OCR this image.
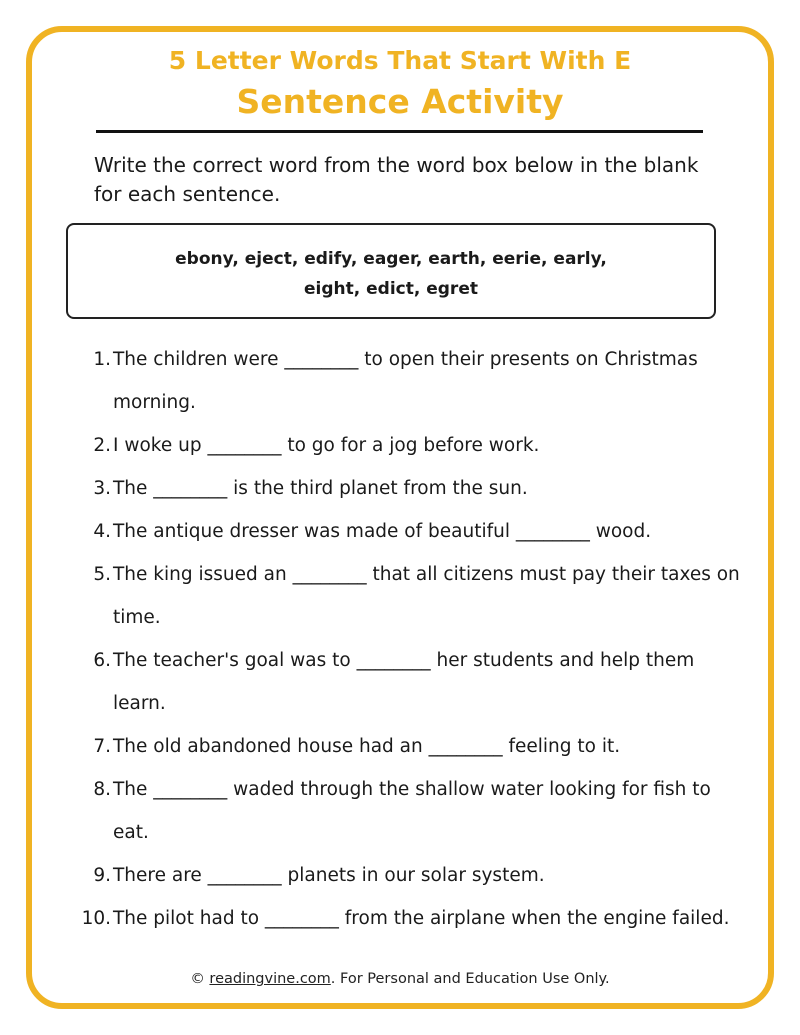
5 Letter Words That Start With E
Sentence Activity
Write the correct word from the word box below in the blank
for each sentence.
ebony, eject, edify, eager, earth, eerie, early,
eight, edict, egret
1. The children were ________ to open their presents on Christmas
morning.
2. I woke up ________ to go for a jog before work.
3. The ________ is the third planet from the sun.
4. The antique dresser was made of beautiful ________ wood.
5. The king issued an ________ that all citizens must pay their taxes on
time.
6. The teacher's goal was to ________ her students and help them
learn.
7. The old abandoned house had an ________ feeling to it.
8. The ________ waded through the shallow water looking for fish to
eat.
9. There are ________ planets in our solar system.
10. The pilot had to ________ from the airplane when the engine failed.
© readingvine.com. For Personal and Education Use Only.
